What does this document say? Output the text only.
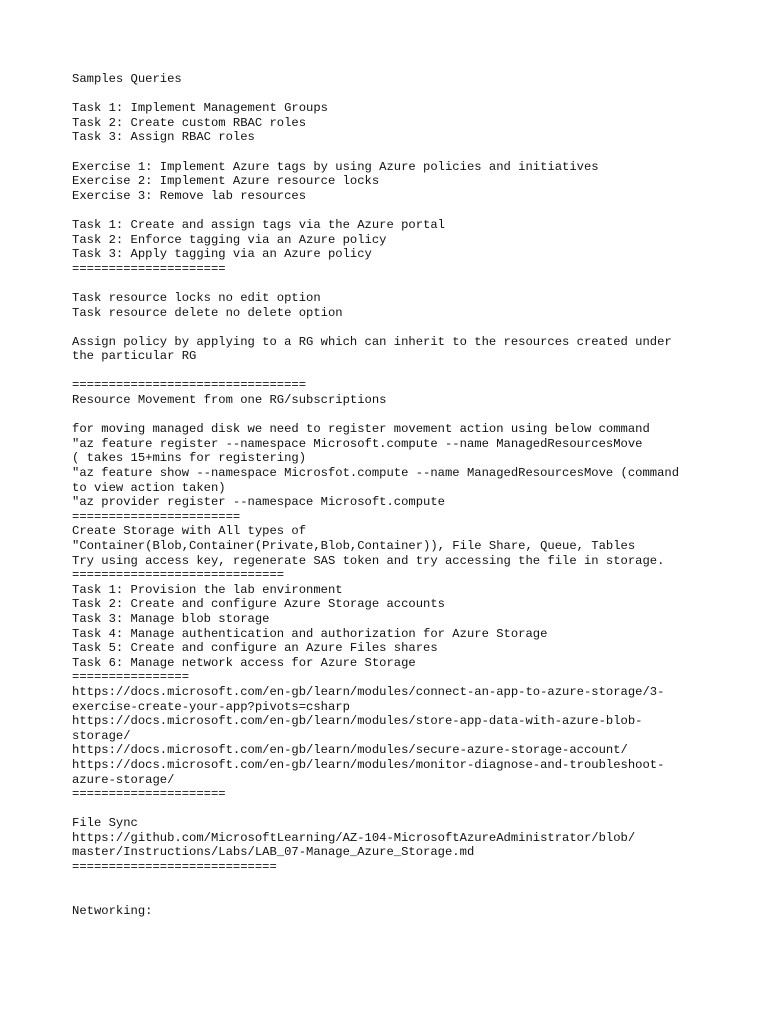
Samples Queries
Task 1: Implement Management Groups
Task 2: Create custom RBAC roles
Task 3: Assign RBAC roles
Exercise 1: Implement Azure tags by using Azure policies and initiatives
Exercise 2: Implement Azure resource locks
Exercise 3: Remove lab resources
Task 1: Create and assign tags via the Azure portal
Task 2: Enforce tagging via an Azure policy
Task 3: Apply tagging via an Azure policy
=====================
Task resource locks no edit option
Task resource delete no delete option
Assign policy by applying to a RG which can inherit to the resources created under
the particular RG
================================
Resource Movement from one RG/subscriptions
for moving managed disk we need to register movement action using below command
"az feature register --namespace Microsoft.compute --name ManagedResourcesMove
( takes 15+mins for registering)
"az feature show --namespace Microsfot.compute --name ManagedResourcesMove (command
to view action taken)
"az provider register --namespace Microsoft.compute
=======================
Create Storage with All types of
"Container(Blob,Container(Private,Blob,Container)), File Share, Queue, Tables
Try using access key, regenerate SAS token and try accessing the file in storage.
=============================
Task 1: Provision the lab environment
Task 2: Create and configure Azure Storage accounts
Task 3: Manage blob storage
Task 4: Manage authentication and authorization for Azure Storage
Task 5: Create and configure an Azure Files shares
Task 6: Manage network access for Azure Storage
================
https://docs.microsoft.com/en-gb/learn/modules/connect-an-app-to-azure-storage/3-
exercise-create-your-app?pivots=csharp
https://docs.microsoft.com/en-gb/learn/modules/store-app-data-with-azure-blob-
storage/
https://docs.microsoft.com/en-gb/learn/modules/secure-azure-storage-account/
https://docs.microsoft.com/en-gb/learn/modules/monitor-diagnose-and-troubleshoot-
azure-storage/
=====================
File Sync
https://github.com/MicrosoftLearning/AZ-104-MicrosoftAzureAdministrator/blob/
master/Instructions/Labs/LAB_07-Manage_Azure_Storage.md
============================
Networking:
